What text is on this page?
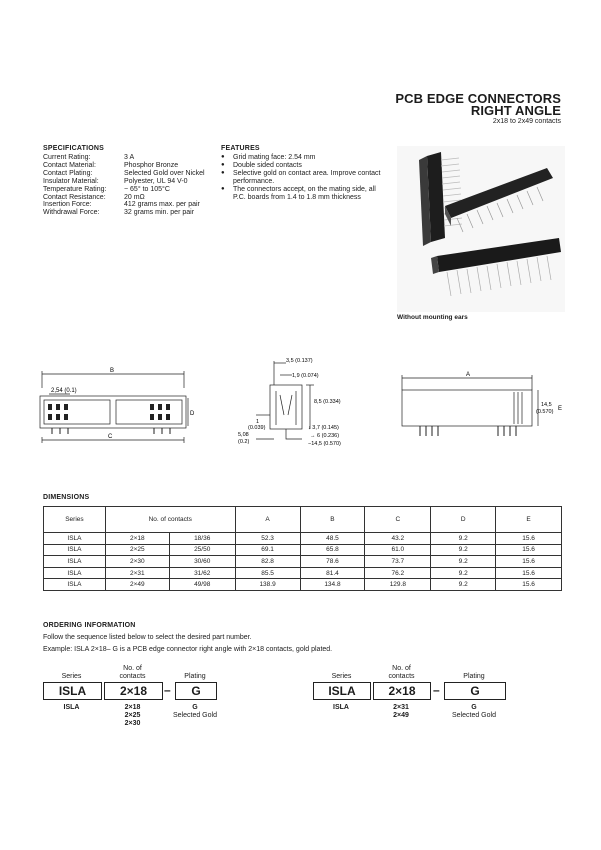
PCB EDGE CONNECTORS
RIGHT ANGLE
2x18 to 2x49 contacts
SPECIFICATIONS
Current Rating:	3 A
Contact Material:	Phosphor Bronze
Contact Plating:	Selected Gold over Nickel
Insulator Material:	Polyester, UL 94 V-0
Temperature Rating:	− 65° to 105°C
Contact Resistance:	20 mΩ
Insertion Force:	412 grams max. per pair
Withdrawal Force:	32 grams min. per pair
FEATURES
●	Grid mating face: 2.54 mm
●	Double sided contacts
●	Selective gold on contact area. Improve contact
performance.
●	The connectors accept, on the mating side, all
P.C. boards from 1.4 to 1.8 mm thickness
Without mounting ears
2,54 (0.1)
B
C
D
3,5 (0.137)
1,9 (0.074)
8,5 (0.334)
1
(0.039)
5,08
(0.2)
↓ 3,7 (0.145)
→ 6 (0.236)
−14,5 (0.570)
A
14,5
(0.570) E
DIMENSIONS
Series	No. of contacts		A	B	C	D	E
ISLA	2×18	18/36	52.3	48.5	43.2	9.2	15.6
ISLA	2×25	25/50	69.1	65.8	61.0	9.2	15.6
ISLA	2×30	30/60	82.8	78.6	73.7	9.2	15.6
ISLA	2×31	31/62	85.5	81.4	76.2	9.2	15.6
ISLA	2×49	49/98	138.9	134.8	129.8	9.2	15.6
ORDERING INFORMATION
Follow the sequence listed below to select the desired part number.
Example: ISLA 2×18– G is a PCB edge connector right angle with 2×18 contacts, gold plated.
Series
No. of
contacts	Plating
ISLA	2×18	–	G
ISLA	2×18
2×25
2×30
G
Selected Gold
Series
No. of
contacts	Plating
ISLA	2×18	–	G
ISLA	2×31
2×49
G
Selected Gold
